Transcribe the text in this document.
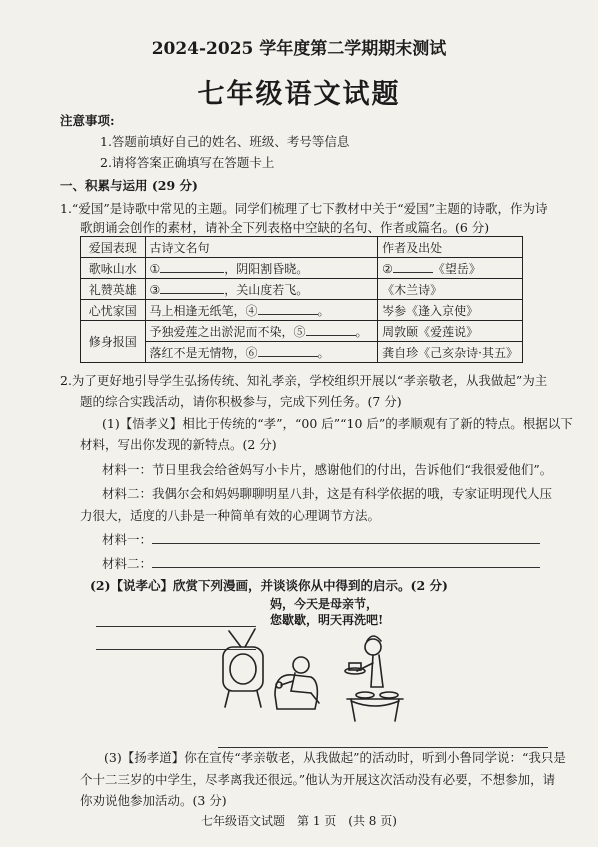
2024-2025 学年度第二学期期末测试
七年级语文试题
注意事项:
1.答题前填好自己的姓名、班级、考号等信息
2.请将答案正确填写在答题卡上
一、积累与运用 (29 分)
1.“爱国”是诗歌中常见的主题。同学们梳理了七下教材中关于“爱国”主题的诗歌，作为诗
歌朗诵会创作的素材，请补全下列表格中空缺的名句、作者或篇名。(6 分)
爱国表现	古诗文名句	作者及出处
歌咏山水	① ，阴阳割昏晓。	② 《望岳》
礼赞英雄	③ ，关山度若飞。	《木兰诗》
心忧家国	马上相逢无纸笔，④ 。	岑参《逢入京使》
修身报国	予独爱莲之出淤泥而不染，⑤ 。	周敦颐《爱莲说》
	落红不是无情物，⑥ 。	龚自珍《己亥杂诗·其五》
2.为了更好地引导学生弘扬传统、知礼孝亲，学校组织开展以“孝亲敬老，从我做起”为主
题的综合实践活动，请你积极参与，完成下列任务。(7 分)
(1)【悟孝义】相比于传统的“孝”，“00 后”“10 后”的孝顺观有了新的特点。根据以下
材料，写出你发现的新特点。(2 分)
材料一：节日里我会给爸妈写小卡片，感谢他们的付出，告诉他们“我很爱他们”。
材料二：我偶尔会和妈妈聊聊明星八卦，这是有科学依据的哦，专家证明现代人压
力很大，适度的八卦是一种简单有效的心理调节方法。
材料一：
材料二：
(2)【说孝心】欣赏下列漫画，并谈谈你从中得到的启示。(2 分)
妈，今天是母亲节，
您歇歇，明天再洗吧!
(3)【扬孝道】你在宣传“孝亲敬老，从我做起”的活动时，听到小鲁同学说：“我只是
个十二三岁的中学生，尽孝离我还很远。”他认为开展这次活动没有必要，不想参加，请
你劝说他参加活动。(3 分)
七年级语文试题　第 1 页　(共 8 页)
